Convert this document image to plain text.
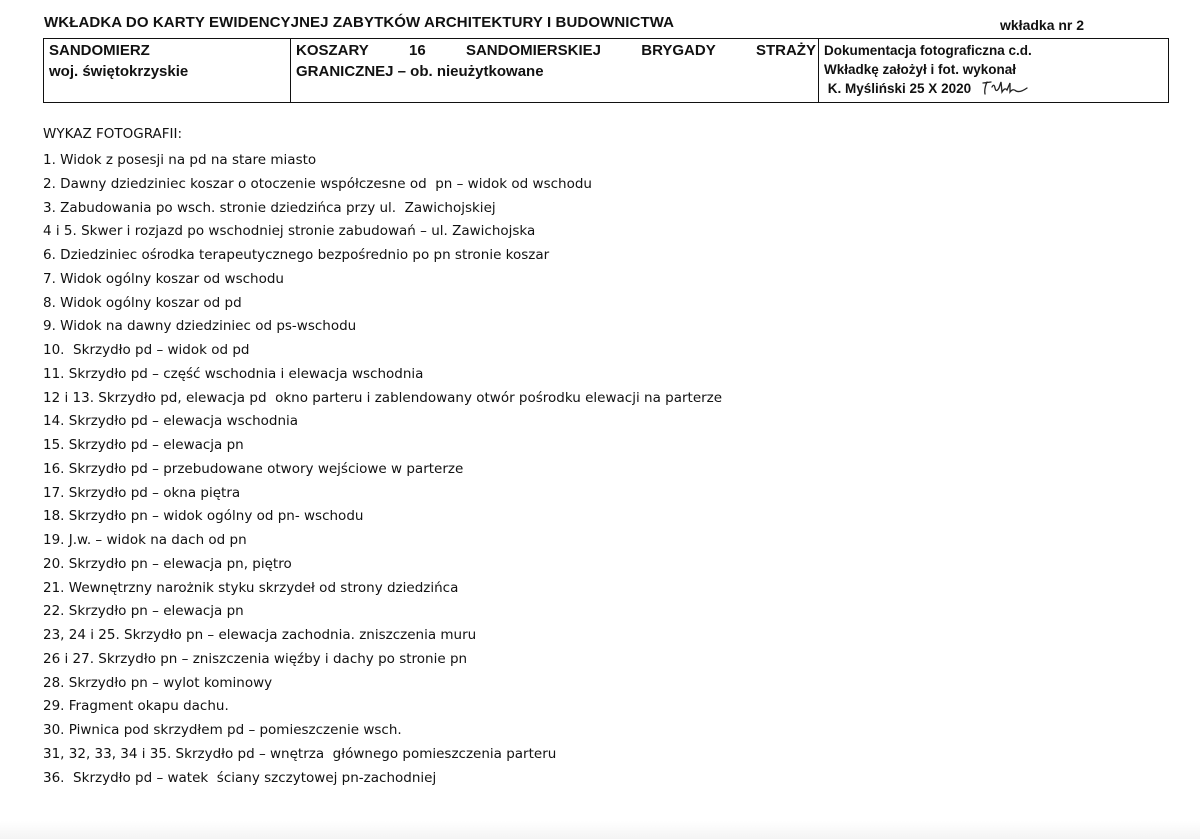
WKŁADKA DO KARTY EWIDENCYJNEJ ZABYTKÓW ARCHITEKTURY I BUDOWNICTWA	wkładka nr 2
SANDOMIERZ
woj. świętokrzyskie
KOSZARY	16	SANDOMIERSKIEJ	BRYGADY	STRAŻY
GRANICZNEJ – ob. nieużytkowane
Dokumentacja fotograficzna c.d.
Wkładkę założył i fot. wykonał
K. Myśliński 25 X 2020
WYKAZ FOTOGRAFII:
1. Widok z posesji na pd na stare miasto
2. Dawny dziedziniec koszar o otoczenie współczesne od  pn – widok od wschodu
3. Zabudowania po wsch. stronie dziedzińca przy ul.  Zawichojskiej
4 i 5. Skwer i rozjazd po wschodniej stronie zabudowań – ul. Zawichojska
6. Dziedziniec ośrodka terapeutycznego bezpośrednio po pn stronie koszar
7. Widok ogólny koszar od wschodu
8. Widok ogólny koszar od pd
9. Widok na dawny dziedziniec od ps-wschodu
10.  Skrzydło pd – widok od pd
11. Skrzydło pd – część wschodnia i elewacja wschodnia
12 i 13. Skrzydło pd, elewacja pd  okno parteru i zablendowany otwór pośrodku elewacji na parterze
14. Skrzydło pd – elewacja wschodnia
15. Skrzydło pd – elewacja pn
16. Skrzydło pd – przebudowane otwory wejściowe w parterze
17. Skrzydło pd – okna piętra
18. Skrzydło pn – widok ogólny od pn- wschodu
19. J.w. – widok na dach od pn
20. Skrzydło pn – elewacja pn, piętro
21. Wewnętrzny narożnik styku skrzydeł od strony dziedzińca
22. Skrzydło pn – elewacja pn
23, 24 i 25. Skrzydło pn – elewacja zachodnia. zniszczenia muru
26 i 27. Skrzydło pn – zniszczenia więźby i dachy po stronie pn
28. Skrzydło pn – wylot kominowy
29. Fragment okapu dachu.
30. Piwnica pod skrzydłem pd – pomieszczenie wsch.
31, 32, 33, 34 i 35. Skrzydło pd – wnętrza  głównego pomieszczenia parteru
36.  Skrzydło pd – watek  ściany szczytowej pn-zachodniej
